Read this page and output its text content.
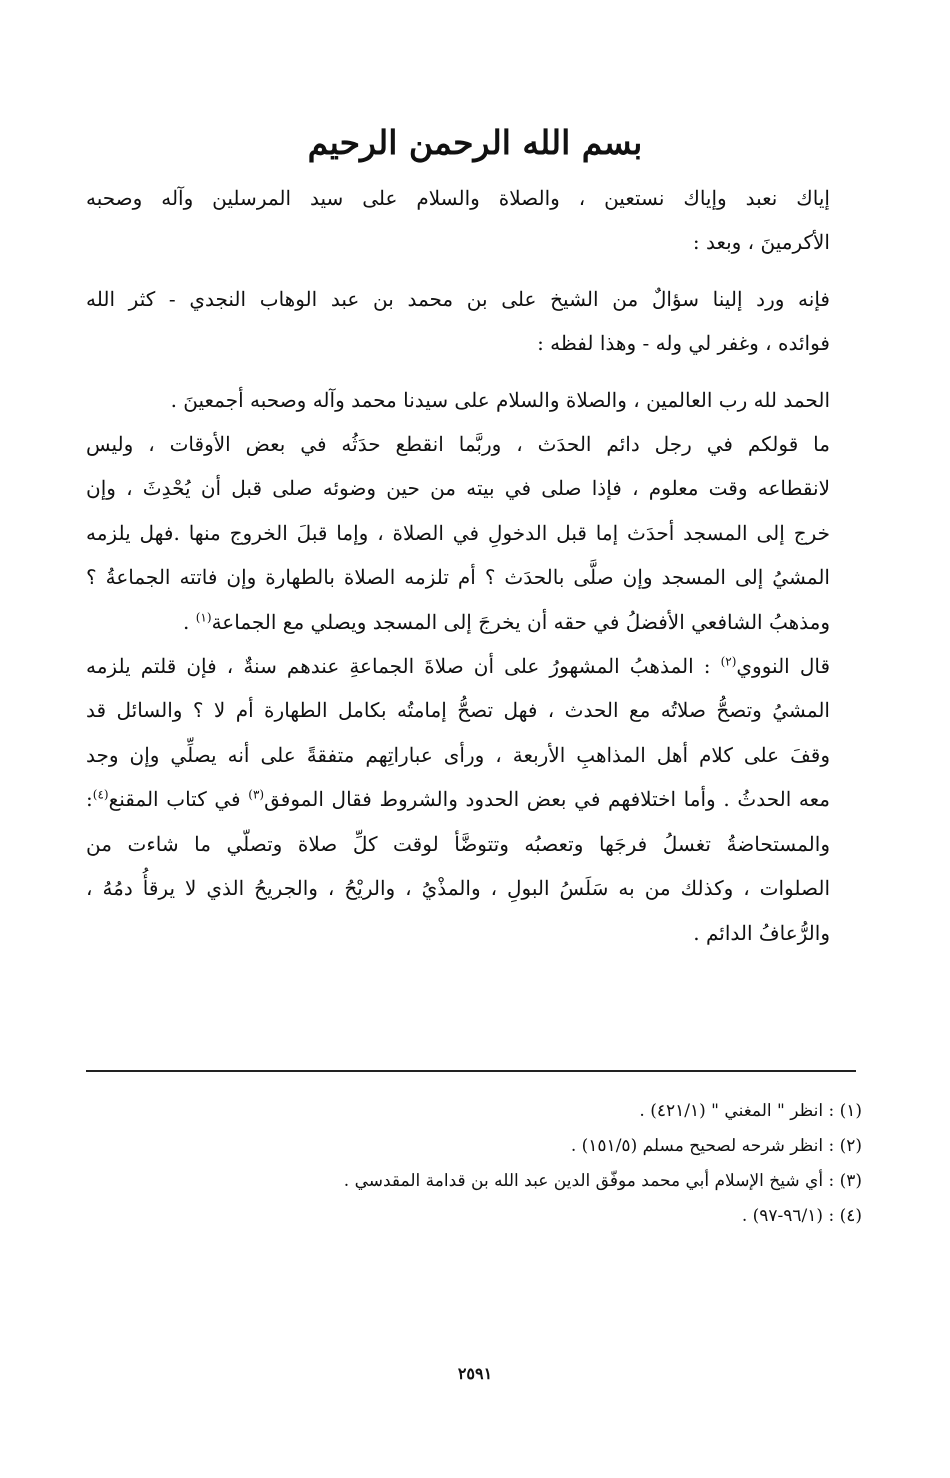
بسم الله الرحمن الرحيم

إياك نعبد وإياك نستعين ، والصلاة والسلام على سيد المرسلين وآله وصحبه
الأكرمينَ ، وبعد :

فإنه ورد إلينا سؤالٌ من الشيخ على بن محمد بن عبد الوهاب النجدي - كثر الله
فوائده ، وغفر لي وله - وهذا لفظه :

الحمد لله رب العالمين ، والصلاة والسلام على سيدنا محمد وآله وصحبه أجمعينَ .

ما قولكم في رجل دائم الحدَث ، وربَّما انقطع حدَثُه في بعض الأوقات ، وليس
لانقطاعه وقت معلوم ، فإذا صلى في بيته من حين وضوئه صلى قبل أن يُحْدِثَ ، وإن
خرج إلى المسجد أحدَث إما قبل الدخولِ في الصلاة ، وإما قبلَ الخروج منها .فهل يلزمه
المشيُ إلى المسجد وإن صلَّى بالحدَث ؟ أم تلزمه الصلاة بالطهارة وإن فاتته الجماعةُ ؟
ومذهبُ الشافعي الأفضلُ في حقه أن يخرجَ إلى المسجد ويصلي مع الجماعة$^{(١)}$ .

قال النووي$^{(٢)}$ : المذهبُ المشهورُ على أن صلاةَ الجماعةِ عندهم سنةٌ ، فإن قلتم يلزمه
المشيُ وتصحُّ صلاتُه مع الحدث ، فهل تصحُّ إمامتُه بكامل الطهارة أم لا ؟ والسائل قد
وقفَ على كلام أهل المذاهبِ الأربعة ، ورأى عباراتِهم متفقةً على أنه يصلِّي وإن وجد
معه الحدثُ . وأما اختلافهم في بعض الحدود والشروط فقال الموفق$^{(٣)}$ في كتاب المقنع$^{(٤)}$:
والمستحاضةُ تغسلُ فرجَها وتعصبُه وتتوضَّأ لوقت كلِّ صلاة وتصلّي ما شاءت من
الصلوات ، وكذلك من به سَلَسُ البولِ ، والمذْيُ ، والريْحُ ، والجريحُ الذي لا يرقأُ دمُهُ ،
والرُّعافُ الدائم .

(١) : انظر " المغني " (٤٢١/١) .
(٢) : انظر شرحه لصحيح مسلم (١٥١/٥) .
(٣) : أي شيخ الإسلام أبي محمد موفّق الدين عبد الله بن قدامة المقدسي .
(٤) : (٩٦/١-٩٧) .
٢٥٩١
